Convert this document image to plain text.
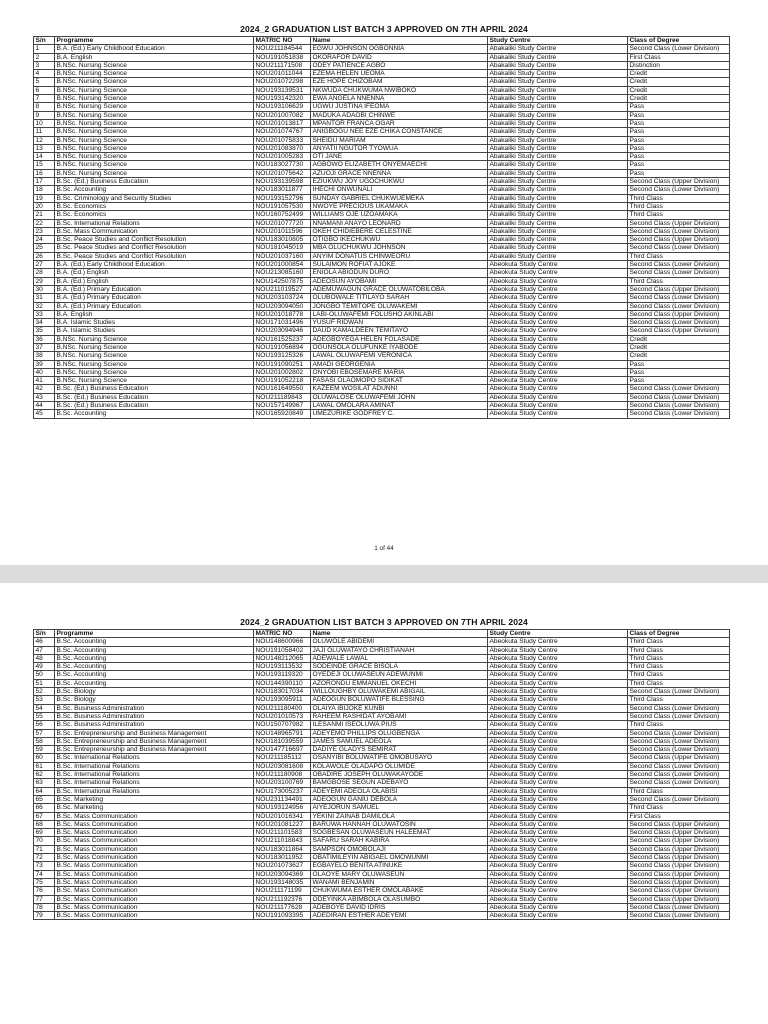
2024_2 GRADUATION LIST BATCH 3 APPROVED ON 7TH APRIL 2024
S/n	Programme	MATRIC NO	Name	Study Centre	Class of Degree
1	B.A. (Ed.) Early Childhood Education	NOU211184544	EGWU JOHNSON OGBONNIA	Abakaliki Study Centre	Second Class (Lower Division)
2	B.A. English	NOU191051838	OKORAFOR DAVID	Abakaliki Study Centre	First Class
3	B.NSc. Nursing Science	NOU211171508	ODEY PATIENCE AGBO	Abakaliki Study Centre	Distinction
4	B.NSc. Nursing Science	NOU201011044	EZEMA HELEN UEOMA	Abakaliki Study Centre	Credit
5	B.NSc. Nursing Science	NOU201072298	EZE HOPE CHIZOBAM	Abakaliki Study Centre	Credit
6	B.NSc. Nursing Science	NOU193139531	NKWUDA CHUKWUMA NWIBOKO	Abakaliki Study Centre	Credit
7	B.NSc. Nursing Science	NOU193142320	EWA ANGELA NNENNA	Abakaliki Study Centre	Credit
8	B.NSc. Nursing Science	NOU193106629	UGWU JUSTINA IFEOMA	Abakaliki Study Centre	Pass
9	B.NSc. Nursing Science	NOU201007082	MADUKA ADAOBI CHINWE	Abakaliki Study Centre	Pass
10	B.NSc. Nursing Science	NOU201013817	MPANTOR FRANCA OGAR	Abakaliki Study Centre	Pass
11	B.NSc. Nursing Science	NOU201074767	ANIGBOGU NEE EZE CHIKA CONSTANCE	Abakaliki Study Centre	Pass
12	B.NSc. Nursing Science	NOU201075833	SHEIDU MARIAM	Abakaliki Study Centre	Pass
13	B.NSc. Nursing Science	NOU201083870	ANYATII NGUTOR TYOWUA	Abakaliki Study Centre	Pass
14	B.NSc. Nursing Science	NOU201005283	OTI JANE	Abakaliki Study Centre	Pass
15	B.NSc. Nursing Science	NOU183027730	AGBOWO ELIZABETH ONYEMAECHI	Abakaliki Study Centre	Pass
16	B.NSc. Nursing Science	NOU201075642	AZUOJI GRACE NNENNA	Abakaliki Study Centre	Pass
17	B.Sc. (Ed.) Business Education	NOU193139598	EZIUKWU JOY UGOCHUKWU	Abakaliki Study Centre	Second Class (Upper Division)
18	B.Sc. Accounting	NOU183011877	IHECHI ONWUNALI	Abakaliki Study Centre	Second Class (Lower Division)
19	B.Sc. Criminology and Security Studies	NOU193152796	SUNDAY GABRIEL CHUKWUEMEKA	Abakaliki Study Centre	Third Class
20	B.Sc. Economics	NOU191057530	NWOYE PRECIOUS UKAMAKA	Abakaliki Study Centre	Third Class
21	B.Sc. Economics	NOU160752499	WILLIAMS OJE UZOAMAKA	Abakaliki Study Centre	Third Class
22	B.Sc. International Relations	NOU201077720	NNAMANI ANAYO LEONARD	Abakaliki Study Centre	Second Class (Upper Division)
23	B.Sc. Mass Communication	NOU201011596	OKEH CHIDIEBERE CELESTINE	Abakaliki Study Centre	Second Class (Lower Division)
24	B.Sc. Peace Studies and Conflict Resolution	NOU183010805	OTIGBO IKECHUKWU	Abakaliki Study Centre	Second Class (Upper Division)
25	B.Sc. Peace Studies and Conflict Resolution	NOU181045019	MBA OLUCHUKWU JOHNSON	Abakaliki Study Centre	Second Class (Lower Division)
26	B.Sc. Peace Studies and Conflict Resolution	NOU201037160	ANYIM DONATUS CHINWEORU	Abakaliki Study Centre	Third Class
27	B.A. (Ed.) Early Childhood Education	NOU201000854	SULAIMON ROFIAT AJOKE	Abeokuta Study Centre	Second Class (Lower Division)
28	B.A. (Ed.) English	NOU213085160	ENIOLA ABIODUN DURO	Abeokuta Study Centre	Second Class (Lower Division)
29	B.A. (Ed.) English	NOU142507875	ADEOSUN AYOBAMI	Abeokuta Study Centre	Third Class
30	B.A. (Ed.) Primary Education	NOU211019527	ADEMUWAGUN GRACE OLUWATOBILOBA	Abeokuta Study Centre	Second Class (Upper Division)
31	B.A. (Ed.) Primary Education	NOU203103724	OLUBOWALE TITILAYO SARAH	Abeokuta Study Centre	Second Class (Lower Division)
32	B.A. (Ed.) Primary Education	NOU203094050	JONGBO TEMITOPE OLUWAKEMI	Abeokuta Study Centre	Second Class (Lower Division)
33	B.A. English	NOU201018778	LABI-OLUWAFEMI FOLUSHO AKINLABI	Abeokuta Study Centre	Second Class (Upper Division)
34	B.A. Islamic Studies	NOU171031496	YUSUF RIDWAN	Abeokuta Study Centre	Second Class (Lower Division)
35	B.A. Islamic Studies	NOU203094946	DAUD KAMALDEEN TEMITAYO	Abeokuta Study Centre	Second Class (Upper Division)
36	B.NSc. Nursing Science	NOU161525237	ADEGBOYEGA HELEN FOLASADE	Abeokuta Study Centre	Credit
37	B.NSc. Nursing Science	NOU191056894	OGUNSOLA OLUFUNKE IYABODE	Abeokuta Study Centre	Credit
38	B.NSc. Nursing Science	NOU193125326	LAWAL OLUWAFEMI VERONICA	Abeokuta Study Centre	Credit
39	B.NSc. Nursing Science	NOU191090251	AMADI GEORGENIA	Abeokuta Study Centre	Pass
40	B.NSc. Nursing Science	NOU201002802	ONYOBI EBOSEMARE MARIA	Abeokuta Study Centre	Pass
41	B.NSc. Nursing Science	NOU191052218	FASASI OLAOMOPO SIDIKAT	Abeokuta Study Centre	Pass
42	B.Sc. (Ed.) Business Education	NOU161649550	KAZEEM WOSILAT ADUNNI	Abeokuta Study Centre	Second Class (Lower Division)
43	B.Sc. (Ed.) Business Education	NOU211189843	OLUWALOSE OLUWAFEMI JOHN	Abeokuta Study Centre	Second Class (Lower Division)
44	B.Sc. (Ed.) Business Education	NOU157149967	LAWAL OMOLARA AMINAT	Abeokuta Study Centre	Second Class (Lower Division)
45	B.Sc. Accounting	NOU165920849	UMEZURIKE GODFREY C.	Abeokuta Study Centre	Second Class (Lower Division)
1 of 44
2024_2 GRADUATION LIST BATCH 3 APPROVED ON 7TH APRIL 2024
S/n	Programme	MATRIC NO	Name	Study Centre	Class of Degree
46	B.Sc. Accounting	NOU148600966	OLUWOLE ABIDEMI	Abeokuta Study Centre	Third Class
47	B.Sc. Accounting	NOU191058402	JAJI OLUWATAYO CHRISTIANAH	Abeokuta Study Centre	Third Class
48	B.Sc. Accounting	NOU148212065	ADEWALE LAWAL	Abeokuta Study Centre	Third Class
49	B.Sc. Accounting	NOU193113532	SODEINDE GRACE BISOLA	Abeokuta Study Centre	Third Class
50	B.Sc. Accounting	NOU193119320	OYEDEJI OLUWASEUN ADEWUNMI	Abeokuta Study Centre	Third Class
51	B.Sc. Accounting	NOU144390110	AZORONDU EMMANUEL OKECHI	Abeokuta Study Centre	Third Class
52	B.Sc. Biology	NOU183017034	WILLOUGHBY OLUWAKEMI ABIGAIL	Abeokuta Study Centre	Second Class (Lower Division)
53	B.Sc. Biology	NOU193095911	ADEOGUN BOLUWATIFE BLESSING	Abeokuta Study Centre	Third Class
54	B.Sc. Business Administration	NOU211180400	OLAIYA IBIJOKE KUNBI	Abeokuta Study Centre	Second Class (Lower Division)
55	B.Sc. Business Administration	NOU201010573	RAHEEM RASHIDAT AYOBAMI	Abeokuta Study Centre	Second Class (Lower Division)
56	B.Sc. Business Administration	NOU150707982	ILESANMI ISEOLUWA PIUS	Abeokuta Study Centre	Third Class
57	B.Sc. Entrepreneurship and Business Management	NOU148965791	ADEYEMO PHILLIPS OLUGBENGA	Abeokuta Study Centre	Second Class (Lower Division)
58	B.Sc. Entrepreneurship and Business Management	NOU181039559	JAMES SAMUEL ADEOLA	Abeokuta Study Centre	Second Class (Lower Division)
59	B.Sc. Entrepreneurship and Business Management	NOU147716697	DADIYE GLADYS SEMIRAT	Abeokuta Study Centre	Second Class (Lower Division)
60	B.Sc. International Relations	NOU211185112	OSANYIBI BOLUWATIFE OMOBUSAYO	Abeokuta Study Centre	Second Class (Upper Division)
61	B.Sc. International Relations	NOU203081608	KOLAWOLE OLADAPO OLUMIDE	Abeokuta Study Centre	Second Class (Lower Division)
62	B.Sc. International Relations	NOU211180908	OBADIRE JOSEPH OLUWAKAYODE	Abeokuta Study Centre	Second Class (Lower Division)
63	B.Sc. International Relations	NOU203100769	BAMGBOSE SEGUN ADEBAYO	Abeokuta Study Centre	Second Class (Lower Division)
64	B.Sc. International Relations	NOU173005237	ADEYEMI ADEOLA OLABISI	Abeokuta Study Centre	Third Class
65	B.Sc. Marketing	NOU231134491	ADEOGUN GANIU DEBOLA	Abeokuta Study Centre	Second Class (Lower Division)
66	B.Sc. Marketing	NOU193124956	AIYEJORUN SAMUEL	Abeokuta Study Centre	Third Class
67	B.Sc. Mass Communication	NOU201016341	YEKINI ZAINAB DAMILOLA	Abeokuta Study Centre	First Class
68	B.Sc. Mass Communication	NOU201081227	BARUWA HANNAH OLUWATOSIN	Abeokuta Study Centre	Second Class (Upper Division)
69	B.Sc. Mass Communication	NOU211101583	SOGBESAN OLUWASEUN HALEEMAT	Abeokuta Study Centre	Second Class (Upper Division)
70	B.Sc. Mass Communication	NOU211018843	SAFARU SARAH KABIRA	Abeokuta Study Centre	Second Class (Upper Division)
71	B.Sc. Mass Communication	NOU183011864	SAMPSON OMOBOLAJI	Abeokuta Study Centre	Second Class (Upper Division)
72	B.Sc. Mass Communication	NOU183011952	OBATIMILEYIN ABIGAEL OMOWUNMI	Abeokuta Study Centre	Second Class (Upper Division)
73	B.Sc. Mass Communication	NOU201073627	EGBAYELO BENITA ATINUKE	Abeokuta Study Centre	Second Class (Upper Division)
74	B.Sc. Mass Communication	NOU203094369	OLAOYE MARY OLUWASEUN	Abeokuta Study Centre	Second Class (Upper Division)
75	B.Sc. Mass Communication	NOU193148035	WANAMI BENJAMIN	Abeokuta Study Centre	Second Class (Upper Division)
76	B.Sc. Mass Communication	NOU211171199	CHUKWUMA ESTHER OMOLABAKE	Abeokuta Study Centre	Second Class (Upper Division)
77	B.Sc. Mass Communication	NOU211192376	ODEYINKA ABIMBOLA OLASUMBO	Abeokuta Study Centre	Second Class (Upper Division)
78	B.Sc. Mass Communication	NOU211177628	ADEBOYE DAVID IDRIS	Abeokuta Study Centre	Second Class (Lower Division)
79	B.Sc. Mass Communication	NOU191093395	ADEDIRAN ESTHER ADEYEMI	Abeokuta Study Centre	Second Class (Lower Division)
